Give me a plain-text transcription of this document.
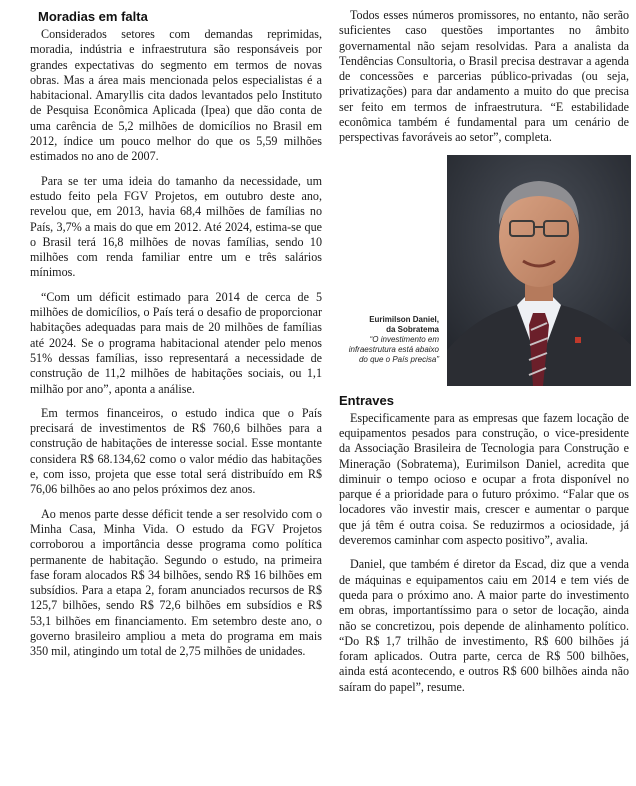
Moradias em falta

Considerados setores com demandas reprimidas, moradia, indústria e infraestrutura são responsáveis por grandes expectativas do segmento em termos de novas obras. Mas a área mais mencionada pelos especialistas é a habitacional. Amaryllis cita dados levantados pelo Instituto de Pesquisa Econômica Aplicada (Ipea) que dão conta de uma carência de 5,2 milhões de domicílios no Brasil em 2012, índice um pouco melhor do que os 5,59 milhões estimados no ano de 2007.

Para se ter uma ideia do tamanho da necessidade, um estudo feito pela FGV Projetos, em outubro deste ano, revelou que, em 2013, havia 68,4 milhões de famílias no País, 3,7% a mais do que em 2012. Até 2024, estima-se que o Brasil terá 16,8 milhões de novas famílias, sendo 10 milhões com renda familiar entre um e três salários mínimos.

“Com um déficit estimado para 2014 de cerca de 5 milhões de domicílios, o País terá o desafio de proporcionar habitações adequadas para mais de 20 milhões de famílias até 2024. Se o programa habitacional atender pelo menos 51% dessas famílias, isso representará a necessidade de construção de 11,2 milhões de habitações sociais, ou 1,1 milhão por ano”, aponta a análise.

Em termos financeiros, o estudo indica que o País precisará de investimentos de R$ 760,6 bilhões para a construção de habitações de interesse social. Esse montante considera R$ 68.134,62 como o valor médio das habitações e, com isso, projeta que esse total será distribuído em R$ 76,06 bilhões ao ano pelos próximos dez anos.

Ao menos parte desse déficit tende a ser resolvido com o Minha Casa, Minha Vida. O estudo da FGV Projetos corroborou a importância desse programa como política permanente de habitação. Segundo o estudo, na primeira fase foram alocados R$ 34 bilhões, sendo R$ 16 bilhões em subsídios. Para a etapa 2, foram anunciados recursos de R$ 125,7 bilhões, sendo R$ 72,6 bilhões em subsídios e R$ 53,1 bilhões em financiamento. Em setembro deste ano, o governo brasileiro ampliou a meta do programa em mais 350 mil, atingindo um total de 2,75 milhões de unidades.

Todos esses números promissores, no entanto, não serão suficientes caso questões importantes no âmbito governamental não sejam resolvidas. Para a analista da Tendências Consultoria, o Brasil precisa destravar a agenda de concessões e parcerias público-privadas (ou seja, privatizações) para dar andamento a muito do que precisa ser feito em termos de infraestrutura. “E estabilidade econômica também é fundamental para um cenário de perspectivas favoráveis ao setor”, completa.

Eurimilson Daniel,
da Sobratema
“O investimento em infraestrutura está abaixo do que o País precisa”
Entraves

Especificamente para as empresas que fazem locação de equipamentos pesados para construção, o vice-presidente da Associação Brasileira de Tecnologia para Construção e Mineração (Sobratema), Eurimilson Daniel, acredita que diminuir o tempo ocioso e ocupar a frota disponível no parque é a prioridade para o futuro próximo. “Falar que os locadores vão investir mais, crescer e aumentar o parque que já têm é outra coisa. Se reduzirmos a ociosidade, já deveremos caminhar com aspecto positivo”, avalia.

Daniel, que também é diretor da Escad, diz que a venda de máquinas e equipamentos caiu em 2014 e tem viés de queda para o próximo ano. A maior parte do investimento em obras, importantíssimo para o setor de locação, ainda não se concretizou, pois depende de alinhamento político. “Do R$ 1,7 trilhão de investimento, R$ 600 bilhões já foram aplicados. Outra parte, cerca de R$ 500 bilhões, ainda está acontecendo, e outros R$ 600 bilhões ainda não saíram do papel”, resume.
